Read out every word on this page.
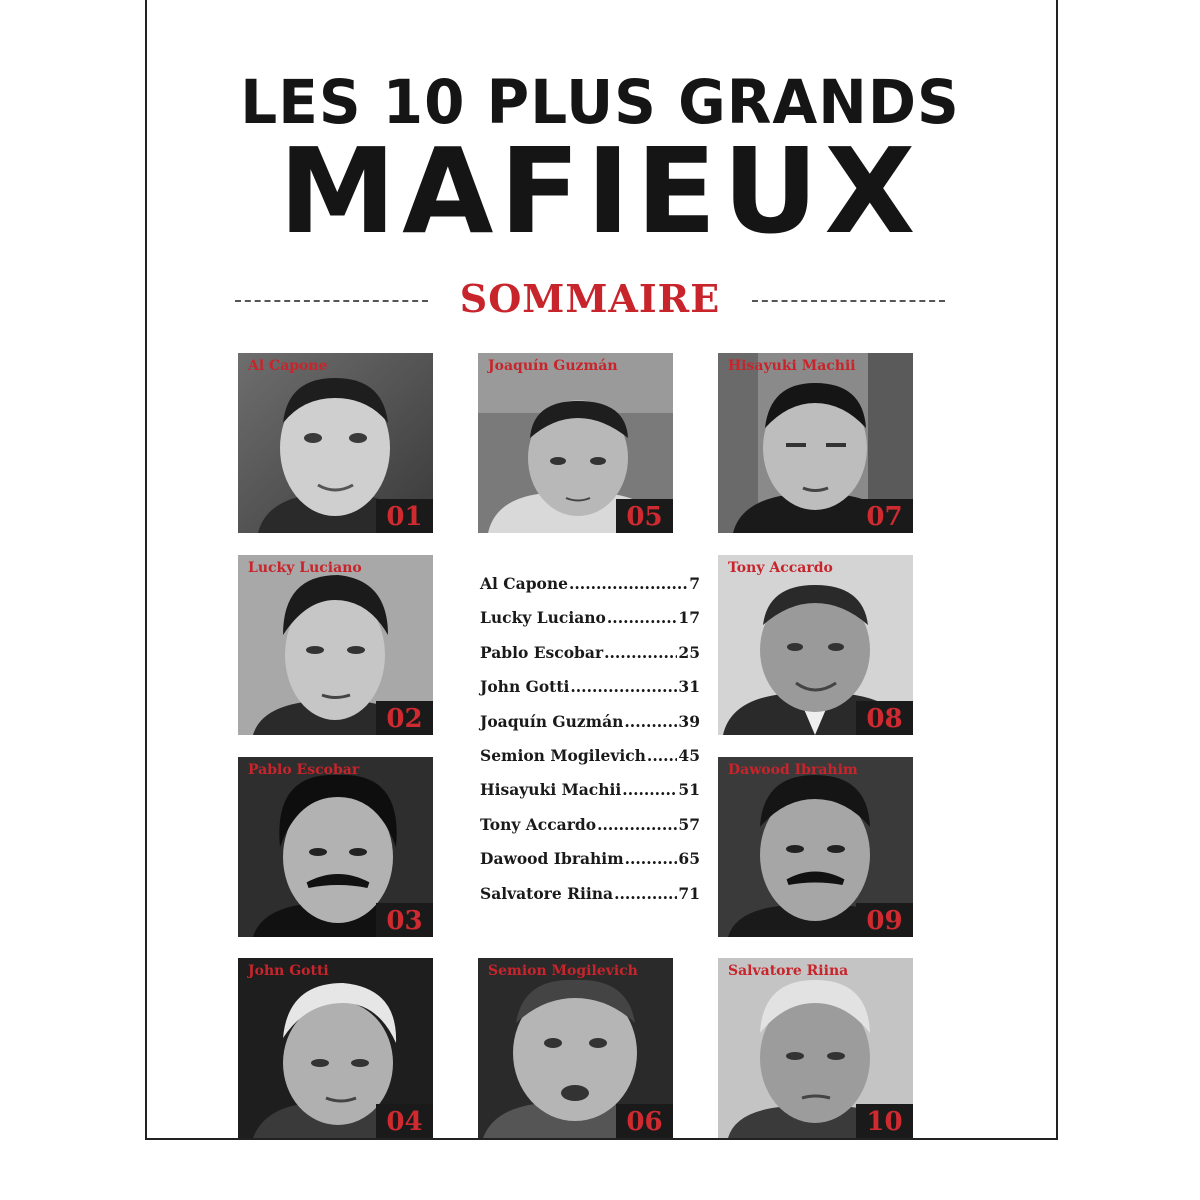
LES 10 PLUS GRANDS
MAFIEUX
SOMMAIRE
Al Capone
01
Joaquín Guzmán
05
Hisayuki Machii
07
Lucky Luciano
02
Tony Accardo
08
Pablo Escobar
03
Dawood Ibrahim
09
John Gotti
04
Semion Mogilevich
06
Salvatore Riina
10
Al Capone .....	7
Lucky Luciano .....	17
Pablo Escobar .....	25
John Gotti .....	31
Joaquín Guzmán .....	39
Semion Mogilevich ..... 45
Hisayuki Machii .....	51
Tony Accardo .....	57
Dawood Ibrahim .....	65
Salvatore Riina .....	71
